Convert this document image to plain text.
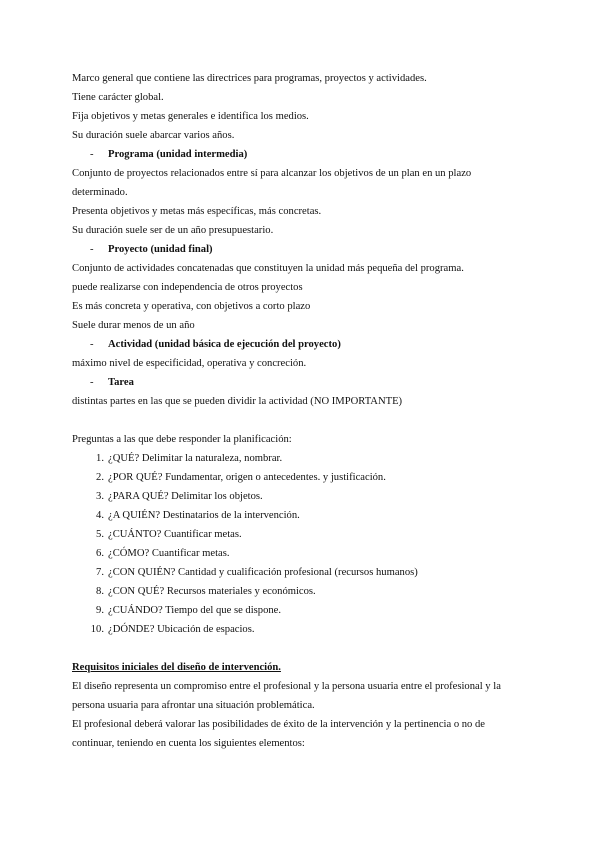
Marco general que contiene las directrices para programas, proyectos y actividades.

Tiene carácter global.

Fija objetivos y metas generales e identifica los medios.

Su duración suele abarcar varios años.

-	Programa (unidad intermedia)

Conjunto de proyectos relacionados entre sí para alcanzar los objetivos de un plan en un plazo

determinado.

Presenta objetivos y metas más específicas, más concretas.

Su duración suele ser de un año presupuestario.

-	Proyecto (unidad final)

Conjunto de actividades concatenadas que constituyen la unidad más pequeña del programa.

puede realizarse con independencia de otros proyectos

Es más concreta y operativa, con objetivos a corto plazo

Suele durar menos de un año

-	Actividad (unidad básica de ejecución del proyecto)

máximo nivel de especificidad, operativa y concreción.

-	Tarea

distintas partes en las que se pueden dividir la actividad (NO IMPORTANTE)

Preguntas a las que debe responder la planificación:

1. ¿QUÉ? Delimitar la naturaleza, nombrar.
2. ¿POR QUÉ? Fundamentar, origen o antecedentes. y justificación.
3. ¿PARA QUÉ? Delimitar los objetos.
4. ¿A QUIÉN? Destinatarios de la intervención.
5. ¿CUÁNTO? Cuantificar metas.
6. ¿CÓMO? Cuantificar metas.
7. ¿CON QUIÉN? Cantidad y cualificación profesional (recursos humanos)
8. ¿CON QUÉ? Recursos materiales y económicos.
9. ¿CUÁNDO? Tiempo del que se dispone.
10. ¿DÓNDE? Ubicación de espacios.

Requisitos iniciales del diseño de intervención.

El diseño representa un compromiso entre el profesional y la persona usuaria entre el profesional y la

persona usuaria para afrontar una situación problemática.

El profesional deberá valorar las posibilidades de éxito de la intervención y la pertinencia o no de

continuar, teniendo en cuenta los siguientes elementos:
